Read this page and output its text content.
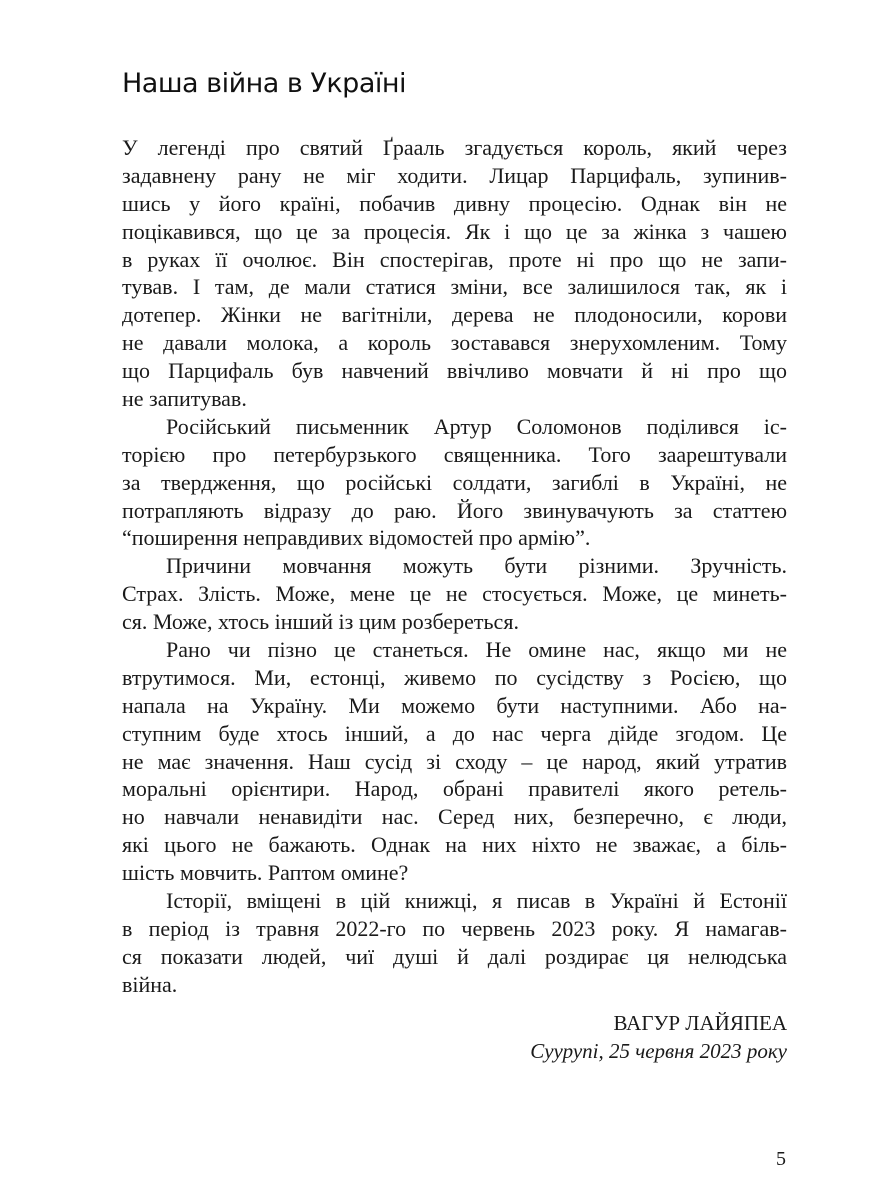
Наша війна в Україні
У легенді про святий Ґрааль згадується король, який через
задавнену рану не міг ходити. Лицар Парцифаль, зупинив-
шись у його країні, побачив дивну процесію. Однак він не
поцікавився, що це за процесія. Як і що це за жінка з чашею
в руках її очолює. Він спостерігав, проте ні про що не запи-
тував. І там, де мали статися зміни, все залишилося так, як і
дотепер. Жінки не вагітніли, дерева не плодоносили, корови
не давали молока, а король зоставався знерухомленим. Тому
що Парцифаль був навчений ввічливо мовчати й ні про що
не запитував.
Російський письменник Артур Соломонов поділився іс-
торією про петербурзького священника. Того заарештували
за твердження, що російські солдати, загиблі в Україні, не
потрапляють відразу до раю. Його звинувачують за статтею
“поширення неправдивих відомостей про армію”.
Причини мовчання можуть бути різними. Зручність.
Страх. Злість. Може, мене це не стосується. Може, це минеть-
ся. Може, хтось інший із цим розбереться.
Рано чи пізно це станеться. Не омине нас, якщо ми не
втрутимося. Ми, естонці, живемо по сусідству з Росією, що
напала на Україну. Ми можемо бути наступними. Або на-
ступним буде хтось інший, а до нас черга дійде згодом. Це
не має значення. Наш сусід зі сходу – це народ, який утратив
моральні орієнтири. Народ, обрані правителі якого ретель-
но навчали ненавидіти нас. Серед них, безперечно, є люди,
які цього не бажають. Однак на них ніхто не зважає, а біль-
шість мовчить. Раптом омине?
Історії, вміщені в цій книжці, я писав в Україні й Естонії
в період із травня 2022-го по червень 2023 року. Я намагав-
ся показати людей, чиї душі й далі роздирає ця нелюдська
війна.
ВАГУР ЛАЙЯПЕА
Суурупі, 25 червня 2023 року
5
